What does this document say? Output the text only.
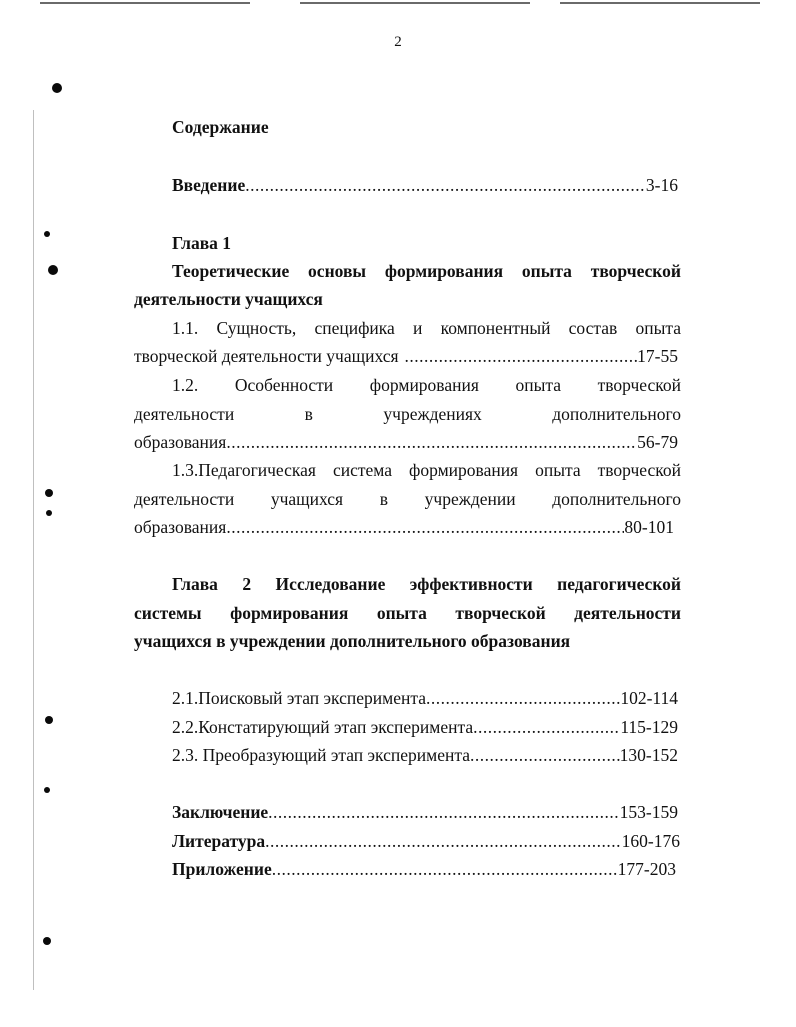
2
Содержание
Введение .....	3-16
Глава 1
Теоретические основы формирования опыта творческой
деятельности учащихся
1.1. Сущность, специфика и компонентный состав опыта
творческой деятельности учащихся .....	17-55
1.2. Особенности формирования опыта творческой
деятельности в учреждениях дополнительного
образования .....	56-79
1.3.Педагогическая система формирования опыта творческой
деятельности учащихся в учреждении дополнительного
образования .....	80-101
Глава 2 Исследование эффективности педагогической
системы формирования опыта творческой деятельности
учащихся в учреждении дополнительного образования
2.1.Поисковый этап эксперимента .....	102-114
2.2.Констатирующий этап эксперимента .....	115-129
2.3. Преобразующий этап эксперимента .....	130-152
Заключение .....	153-159
Литература .....	160-176
Приложение .....	177-203
